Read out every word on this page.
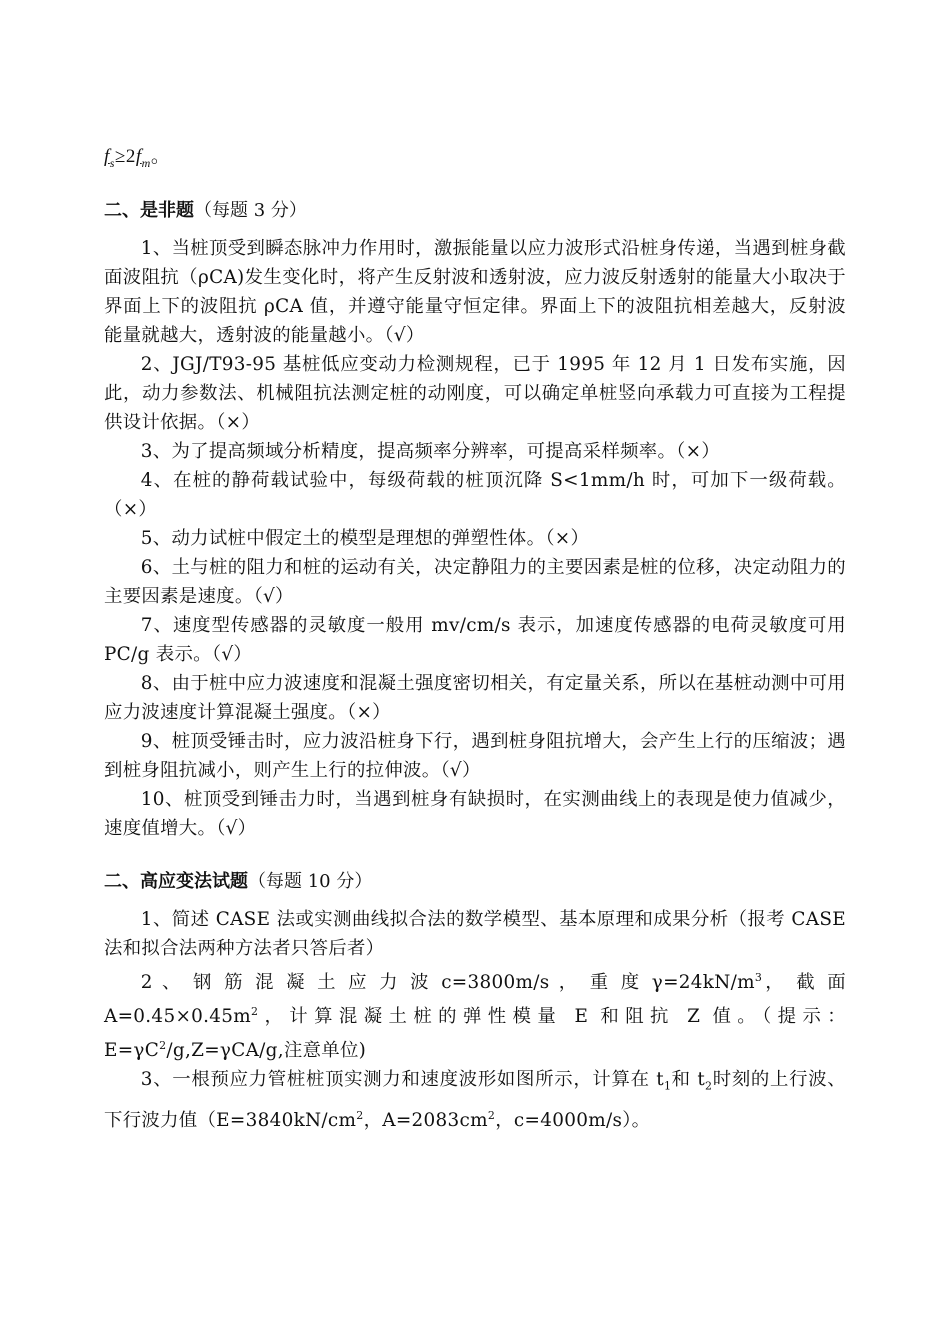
$f_s\ge 2f_m$。
二、是非题（每题 3 分）

1、当桩顶受到瞬态脉冲力作用时，激振能量以应力波形式沿桩身传递，当遇到桩身截面波阻抗（ρCA)发生变化时，将产生反射波和透射波，应力波反射透射的能量大小取决于界面上下的波阻抗 ρCA 值，并遵守能量守恒定律。界面上下的波阻抗相差越大，反射波能量就越大，透射波的能量越小。（√）

2、JGJ/T93-95 基桩低应变动力检测规程，已于 1995 年 12 月 1 日发布实施，因此，动力参数法、机械阻抗法测定桩的动刚度，可以确定单桩竖向承载力可直接为工程提供设计依据。（×）

3、为了提高频域分析精度，提高频率分辨率，可提高采样频率。（×）

4、在桩的静荷载试验中，每级荷载的桩顶沉降 S<1mm/h 时，可加下一级荷载。（×）

5、动力试桩中假定土的模型是理想的弹塑性体。（×）

6、土与桩的阻力和桩的运动有关，决定静阻力的主要因素是桩的位移，决定动阻力的主要因素是速度。（√）

7、速度型传感器的灵敏度一般用 mv/cm/s 表示，加速度传感器的电荷灵敏度可用 PC/g 表示。（√）

8、由于桩中应力波速度和混凝土强度密切相关，有定量关系，所以在基桩动测中可用应力波速度计算混凝土强度。（×）

9、桩顶受锤击时，应力波沿桩身下行，遇到桩身阻抗增大，会产生上行的压缩波；遇到桩身阻抗减小，则产生上行的拉伸波。（√）

10、桩顶受到锤击力时，当遇到桩身有缺损时，在实测曲线上的表现是使力值减少，速度值增大。（√）

二、高应变法试题（每题 10 分）

1、简述 CASE 法或实测曲线拟合法的数学模型、基本原理和成果分析（报考 CASE 法和拟合法两种方法者只答后者）

2 、 钢 筋 混 凝 土 应 力 波 c=3800m/s ， 重 度 $\gamma=24kN/m^3$， 截 面 $A=0.45\times 0.45m^2$，计算混凝土桩的弹性模量 E 和阻抗 Z 值。（提示：$E=\gamma C^2/g,Z=\gamma CA/g$,注意单位)

3、一根预应力管桩桩顶实测力和速度波形如图所示，计算在 $t_1$和 $t_2$时刻的上行波、下行波力值（$E=3840kN/cm^2$，$A=2083cm^2$，c=4000m/s）。
